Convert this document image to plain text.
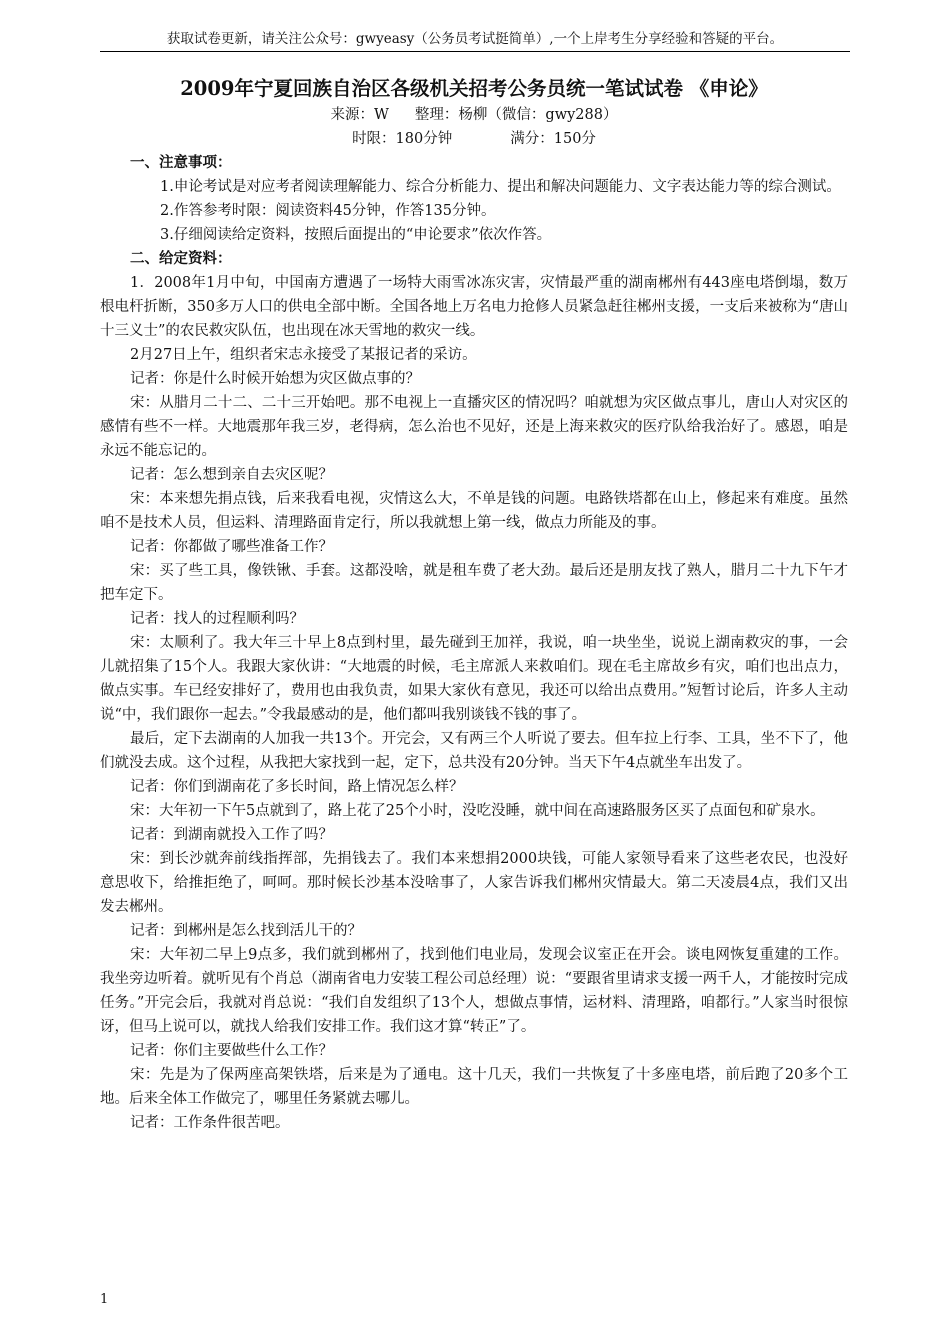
获取试卷更新，请关注公众号：gwyeasy（公务员考试挺简单）,一个上岸考生分享经验和答疑的平台。
2009年宁夏回族自治区各级机关招考公务员统一笔试试卷 《申论》
来源：W 整理：杨柳（微信：gwy288）
时限：180分钟	满分：150分
一、注意事项：

1.申论考试是对应考者阅读理解能力、综合分析能力、提出和解决问题能力、文字表达能力等的综合测试。

2.作答参考时限：阅读资料45分钟，作答135分钟。

3.仔细阅读给定资料，按照后面提出的“申论要求”依次作答。

二、给定资料：

1．2008年1月中旬，中国南方遭遇了一场特大雨雪冰冻灾害，灾情最严重的湖南郴州有443座电塔倒塌，数万根电杆折断，350多万人口的供电全部中断。全国各地上万名电力抢修人员紧急赶往郴州支援，一支后来被称为“唐山十三义士”的农民救灾队伍，也出现在冰天雪地的救灾一线。

2月27日上午，组织者宋志永接受了某报记者的采访。

记者：你是什么时候开始想为灾区做点事的？

宋：从腊月二十二、二十三开始吧。那不电视上一直播灾区的情况吗？咱就想为灾区做点事儿，唐山人对灾区的感情有些不一样。大地震那年我三岁，老得病，怎么治也不见好，还是上海来救灾的医疗队给我治好了。感恩，咱是永远不能忘记的。

记者：怎么想到亲自去灾区呢？

宋：本来想先捐点钱，后来我看电视，灾情这么大，不单是钱的问题。电路铁塔都在山上，修起来有难度。虽然咱不是技术人员，但运料、清理路面肯定行，所以我就想上第一线，做点力所能及的事。

记者：你都做了哪些准备工作？

宋：买了些工具，像铁锹、手套。这都没啥，就是租车费了老大劲。最后还是朋友找了熟人，腊月二十九下午才把车定下。

记者：找人的过程顺利吗？

宋：太顺利了。我大年三十早上8点到村里，最先碰到王加祥，我说，咱一块坐坐，说说上湖南救灾的事，一会儿就招集了15个人。我跟大家伙讲：“大地震的时候，毛主席派人来救咱们。现在毛主席故乡有灾，咱们也出点力，做点实事。车已经安排好了，费用也由我负责，如果大家伙有意见，我还可以给出点费用。”短暂讨论后，许多人主动说“中，我们跟你一起去。”令我最感动的是，他们都叫我别谈钱不钱的事了。

最后，定下去湖南的人加我一共13个。开完会，又有两三个人听说了要去。但车拉上行李、工具，坐不下了，他们就没去成。这个过程，从我把大家找到一起，定下，总共没有20分钟。当天下午4点就坐车出发了。

记者：你们到湖南花了多长时间，路上情况怎么样？

宋：大年初一下午5点就到了，路上花了25个小时，没吃没睡，就中间在高速路服务区买了点面包和矿泉水。

记者：到湖南就投入工作了吗？

宋：到长沙就奔前线指挥部，先捐钱去了。我们本来想捐2000块钱，可能人家领导看来了这些老农民，也没好意思收下，给推拒绝了，呵呵。那时候长沙基本没啥事了，人家告诉我们郴州灾情最大。第二天凌晨4点，我们又出发去郴州。

记者：到郴州是怎么找到活儿干的？

宋：大年初二早上9点多，我们就到郴州了，找到他们电业局，发现会议室正在开会。谈电网恢复重建的工作。我坐旁边听着。就听见有个肖总（湖南省电力安装工程公司总经理）说：“要跟省里请求支援一两千人，才能按时完成任务。”开完会后，我就对肖总说：“我们自发组织了13个人，想做点事情，运材料、清理路，咱都行。”人家当时很惊讶，但马上说可以，就找人给我们安排工作。我们这才算“转正”了。

记者：你们主要做些什么工作？

宋：先是为了保两座高架铁塔，后来是为了通电。这十几天，我们一共恢复了十多座电塔，前后跑了20多个工地。后来全体工作做完了，哪里任务紧就去哪儿。

记者：工作条件很苦吧。

1
